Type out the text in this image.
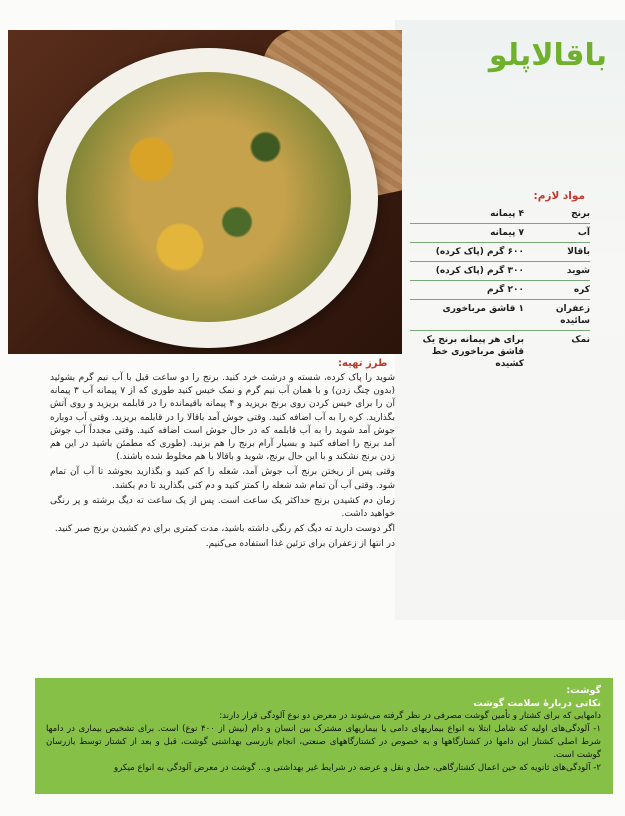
باقالاپلو
مواد لازم:
برنج
۴ پیمانه
آب
۷ پیمانه
باقالا
۶۰۰ گرم (پاک کرده)
شوید
۳۰۰ گرم (پاک کرده)
کره
۲۰۰ گرم
زعفران سائیده
۱ قاشق مرباخوری
نمک
برای هر پیمانه برنج یک قاشق مرباخوری خط کشیده
طرز تهیه:

شوید را پاک کرده، شسته و درشت خرد کنید. برنج را دو ساعت قبل با آب نیم گرم بشوئید (بدون چنگ زدن) و با همان آب نیم گرم و نمک خیس کنید طوری که از ۷ پیمانه آب ۳ پیمانه آن را برای خیس کردن روی برنج بریزید و ۴ پیمانه باقیمانده را در قابلمه بریزید و روی آتش بگذارید. کره را به آب اضافه کنید. وقتی جوش آمد باقالا را در قابلمه بریزید. وقتی آب دوباره جوش آمد شوید را به آب قابلمه که در حال جوش است اضافه کنید. وقتی مجدداً آب جوش آمد برنج را اضافه کنید و بسیار آرام برنج را هم بزنید. (طوری که مطمئن باشید در این هم زدن برنج نشکند و با این حال برنج، شوید و باقالا با هم مخلوط شده باشند.)

وقتی پس از ریختن برنج آب جوش آمد، شعله را کم کنید و بگذارید بجوشد تا آب آن تمام شود. وقتی آب آن تمام شد شعله را کمتر کنید و دم کنی بگذارید تا دم بکشد.

زمان دم کشیدن برنج حداکثر یک ساعت است. پس از یک ساعت ته دیگ برشته و پر رنگی خواهید داشت.

اگر دوست دارید ته دیگ کم رنگی داشته باشید، مدت کمتری برای دم کشیدن برنج صبر کنید.

در انتها از زعفران برای تزئین غذا استفاده می‌کنیم.

گوشت:
نکاتی دربارهٔ سلامت گوشت

دامهایی که برای کشتار و تأمین گوشت مصرفی در نظر گرفته می‌شوند در معرض دو نوع آلودگی قرار دارند:

۱- آلودگی‌های اولیه که شامل ابتلا به انواع بیماریهای دامی یا بیماریهای مشترک بین انسان و دام (بیش از ۴۰۰ نوع) است. برای تشخیص بیماری در دامها شرط اصلی کشتار این دامها در کشتارگاهها و به خصوص در کشتارگاههای صنعتی، انجام بازرسی بهداشتی گوشت، قبل و بعد از کشتار توسط بازرسان گوشت است.

۲- آلودگی‌های ثانویه که حین اعمال کشتارگاهی، حمل و نقل و عرضه در شرایط غیر بهداشتی و... گوشت در معرض آلودگی به انواع میکرو
